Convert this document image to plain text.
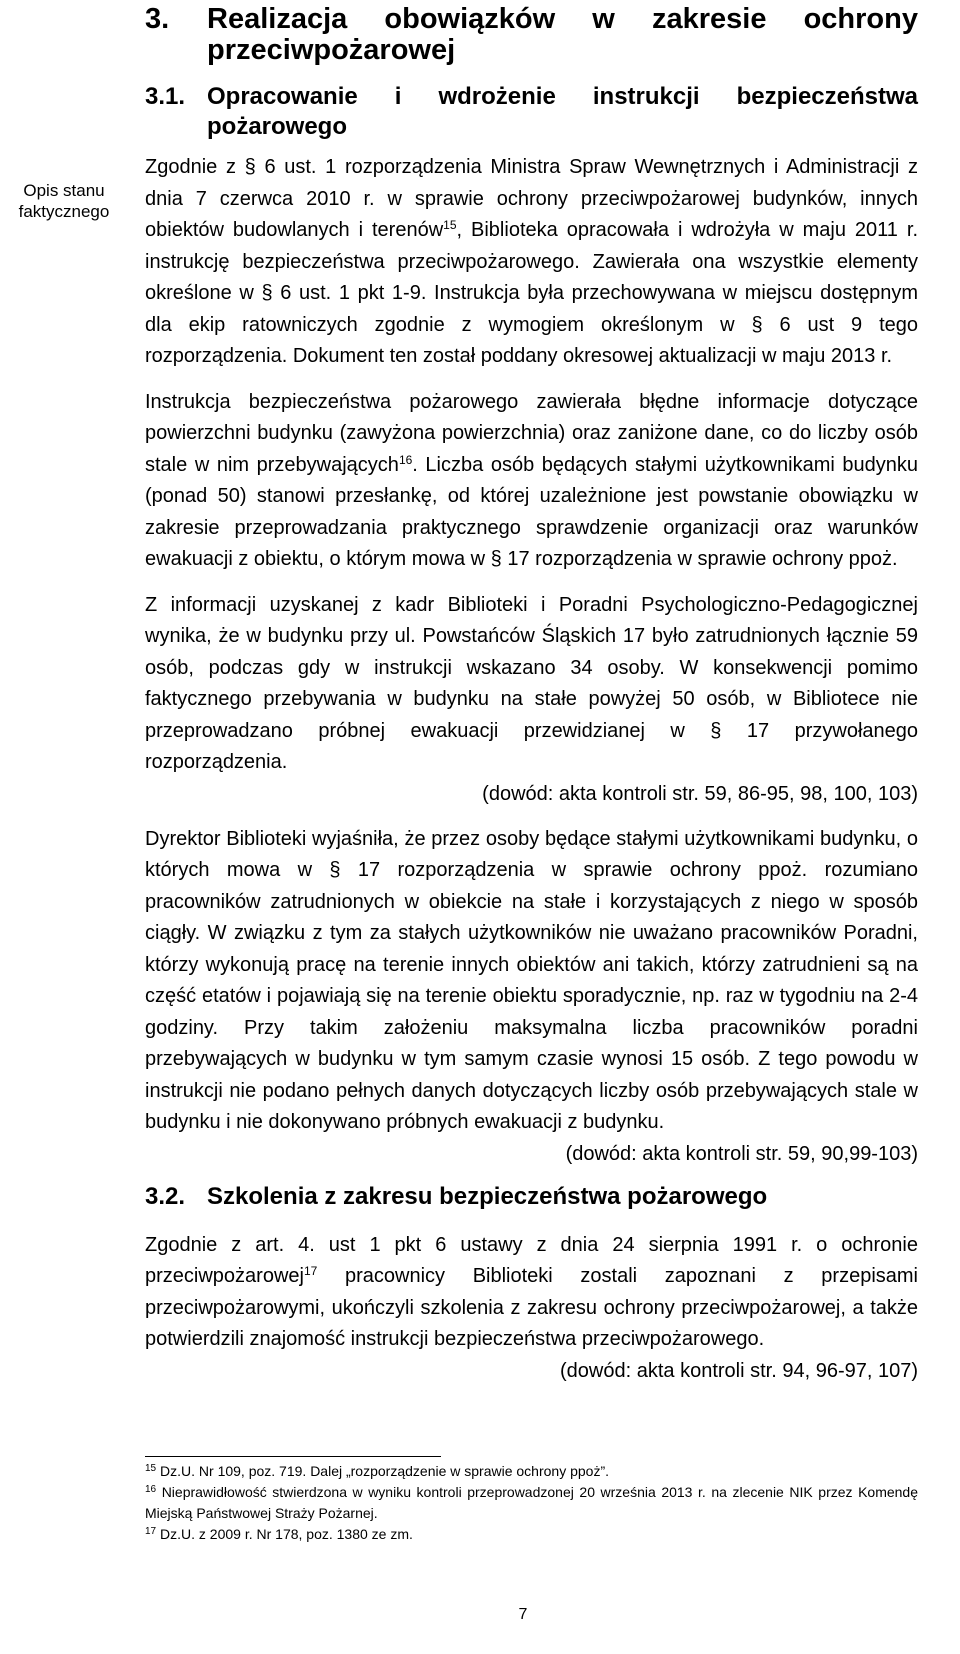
Opis stanu
faktycznego
3.	Realizacja obowiązków w zakresie ochrony przeciwpożarowej
3.1. Opracowanie i wdrożenie instrukcji bezpieczeństwa pożarowego

Zgodnie z § 6 ust. 1 rozporządzenia Ministra Spraw Wewnętrznych i Administracji z dnia 7 czerwca 2010 r. w sprawie ochrony przeciwpożarowej budynków, innych obiektów budowlanych i terenów$^{15}$, Biblioteka opracowała i wdrożyła w maju 2011 r. instrukcję bezpieczeństwa przeciwpożarowego. Zawierała ona wszystkie elementy określone w § 6 ust. 1 pkt 1-9. Instrukcja była przechowywana w miejscu dostępnym dla ekip ratowniczych zgodnie z wymogiem określonym w § 6 ust 9 tego rozporządzenia. Dokument ten został poddany okresowej aktualizacji w maju 2013 r.

Instrukcja bezpieczeństwa pożarowego zawierała błędne informacje dotyczące powierzchni budynku (zawyżona powierzchnia) oraz zaniżone dane, co do liczby osób stale w nim przebywających$^{16}$. Liczba osób będących stałymi użytkownikami budynku (ponad 50) stanowi przesłankę, od której uzależnione jest powstanie obowiązku w zakresie przeprowadzania praktycznego sprawdzenie organizacji oraz warunków ewakuacji z obiektu, o którym mowa w § 17 rozporządzenia w sprawie ochrony ppoż.

Z informacji uzyskanej z kadr Biblioteki i Poradni Psychologiczno-Pedagogicznej wynika, że w budynku przy ul. Powstańców Śląskich 17 było zatrudnionych łącznie 59 osób, podczas gdy w instrukcji wskazano 34 osoby. W konsekwencji pomimo faktycznego przebywania w budynku na stałe powyżej 50 osób, w Bibliotece nie przeprowadzano próbnej ewakuacji przewidzianej w § 17 przywołanego rozporządzenia.

(dowód: akta kontroli str. 59, 86-95, 98, 100, 103)

Dyrektor Biblioteki wyjaśniła, że przez osoby będące stałymi użytkownikami budynku, o których mowa w § 17 rozporządzenia w sprawie ochrony ppoż. rozumiano pracowników zatrudnionych w obiekcie na stałe i korzystających z niego w sposób ciągły. W związku z tym za stałych użytkowników nie uważano pracowników Poradni, którzy wykonują pracę na terenie innych obiektów ani takich, którzy zatrudnieni są na część etatów i pojawiają się na terenie obiektu sporadycznie, np. raz w tygodniu na 2-4 godziny. Przy takim założeniu maksymalna liczba pracowników poradni przebywających w budynku w tym samym czasie wynosi 15 osób. Z tego powodu w instrukcji nie podano pełnych danych dotyczących liczby osób przebywających stale w budynku i nie dokonywano próbnych ewakuacji z budynku.

(dowód: akta kontroli str. 59, 90,99-103)
3.2. Szkolenia z zakresu bezpieczeństwa pożarowego

Zgodnie z art. 4. ust 1 pkt 6 ustawy z dnia 24 sierpnia 1991 r. o ochronie przeciwpożarowej$^{17}$ pracownicy Biblioteki zostali zapoznani z przepisami przeciwpożarowymi, ukończyli szkolenia z zakresu ochrony przeciwpożarowej, a także potwierdzili znajomość instrukcji bezpieczeństwa przeciwpożarowego.

(dowód: akta kontroli str. 94, 96-97, 107)
$^{15}$ Dz.U. Nr 109, poz. 719. Dalej „rozporządzenie w sprawie ochrony ppoż”.
$^{16}$ Nieprawidłowość stwierdzona w wyniku kontroli przeprowadzonej 20 września 2013 r. na zlecenie NIK przez Komendę Miejską Państwowej Straży Pożarnej.
$^{17}$ Dz.U. z 2009 r. Nr 178, poz. 1380 ze zm.
7
